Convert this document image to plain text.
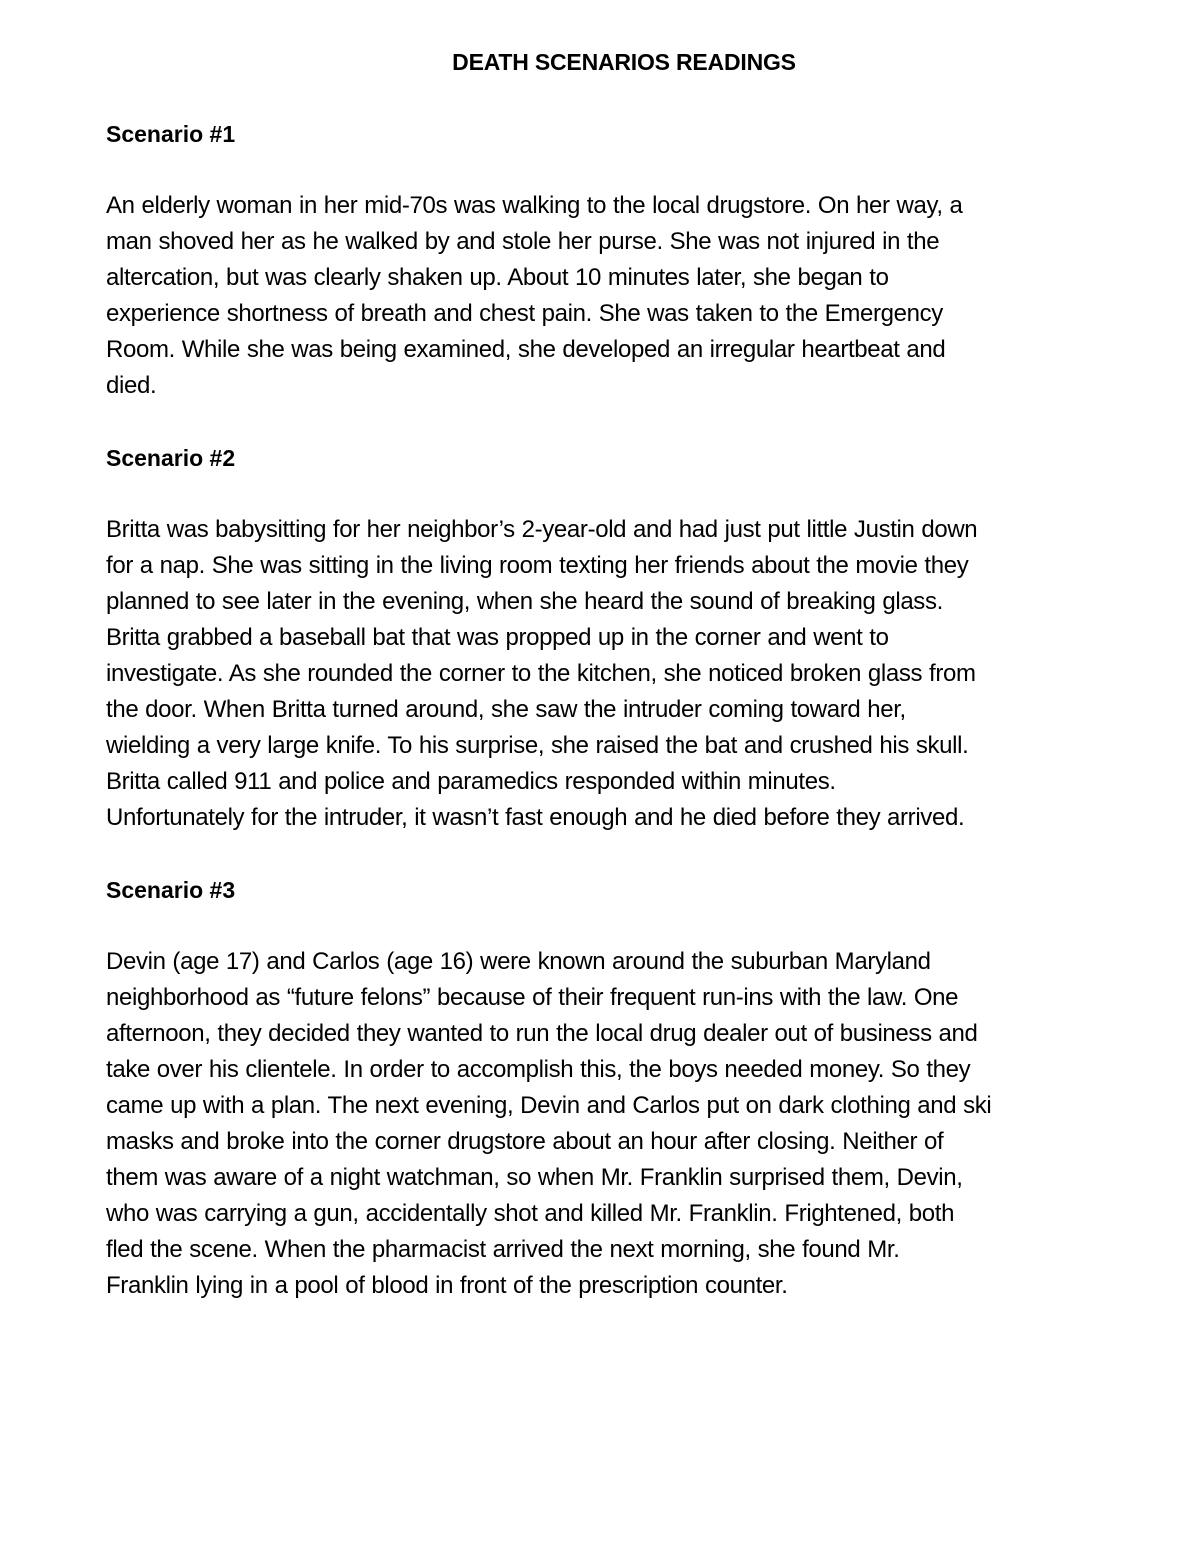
DEATH SCENARIOS READINGS
Scenario #1

An elderly woman in her mid-70s was walking to the local drugstore. On her way, a
man shoved her as he walked by and stole her purse. She was not injured in the
altercation, but was clearly shaken up. About 10 minutes later, she began to
experience shortness of breath and chest pain. She was taken to the Emergency
Room. While she was being examined, she developed an irregular heartbeat and
died.

Scenario #2

Britta was babysitting for her neighbor’s 2-year-old and had just put little Justin down
for a nap. She was sitting in the living room texting her friends about the movie they
planned to see later in the evening, when she heard the sound of breaking glass.
Britta grabbed a baseball bat that was propped up in the corner and went to
investigate. As she rounded the corner to the kitchen, she noticed broken glass from
the door. When Britta turned around, she saw the intruder coming toward her,
wielding a very large knife. To his surprise, she raised the bat and crushed his skull.
Britta called 911 and police and paramedics responded within minutes.
Unfortunately for the intruder, it wasn’t fast enough and he died before they arrived.

Scenario #3

Devin (age 17) and Carlos (age 16) were known around the suburban Maryland
neighborhood as “future felons” because of their frequent run-ins with the law. One
afternoon, they decided they wanted to run the local drug dealer out of business and
take over his clientele. In order to accomplish this, the boys needed money. So they
came up with a plan. The next evening, Devin and Carlos put on dark clothing and ski
masks and broke into the corner drugstore about an hour after closing. Neither of
them was aware of a night watchman, so when Mr. Franklin surprised them, Devin,
who was carrying a gun, accidentally shot and killed Mr. Franklin. Frightened, both
fled the scene. When the pharmacist arrived the next morning, she found Mr.
Franklin lying in a pool of blood in front of the prescription counter.
